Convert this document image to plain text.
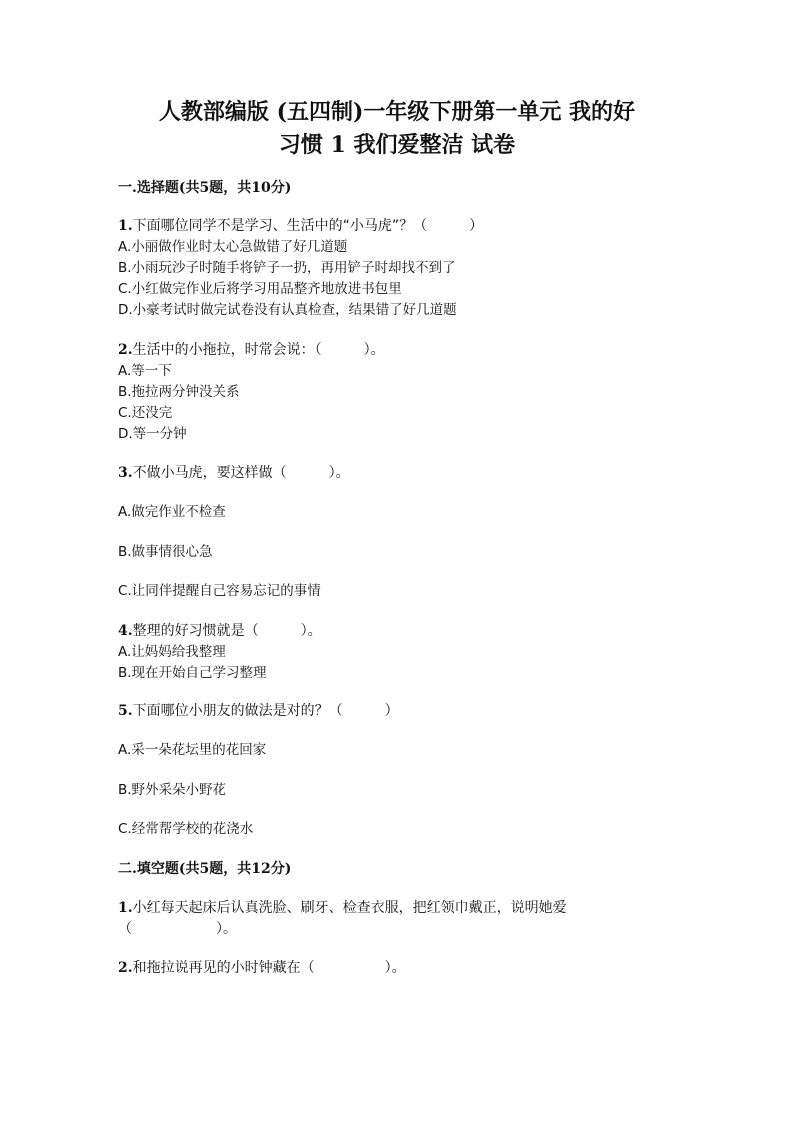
人教部编版 (五四制)一年级下册第一单元 我的好
习惯 1 我们爱整洁 试卷
一.选择题(共5题，共10分)
1.下面哪位同学不是学习、生活中的“小马虎”？（　　　）
A.小丽做作业时太心急做错了好几道题
B.小雨玩沙子时随手将铲子一扔，再用铲子时却找不到了
C.小红做完作业后将学习用品整齐地放进书包里
D.小豪考试时做完试卷没有认真检查，结果错了好几道题
2.生活中的小拖拉，时常会说：（　　　）。
A.等一下
B.拖拉两分钟没关系
C.还没完
D.等一分钟
3.不做小马虎，要这样做（　　　）。
A.做完作业不检查
B.做事情很心急
C.让同伴提醒自己容易忘记的事情
4.整理的好习惯就是（　　　）。
A.让妈妈给我整理
B.现在开始自己学习整理
5.下面哪位小朋友的做法是对的？（　　　）
A.采一朵花坛里的花回家
B.野外采朵小野花
C.经常帮学校的花浇水
二.填空题(共5题，共12分)
1.小红每天起床后认真洗脸、刷牙、检查衣服，把红领巾戴正，说明她爱
（　　　　　　）。
2.和拖拉说再见的小时钟藏在（　　　　　）。
